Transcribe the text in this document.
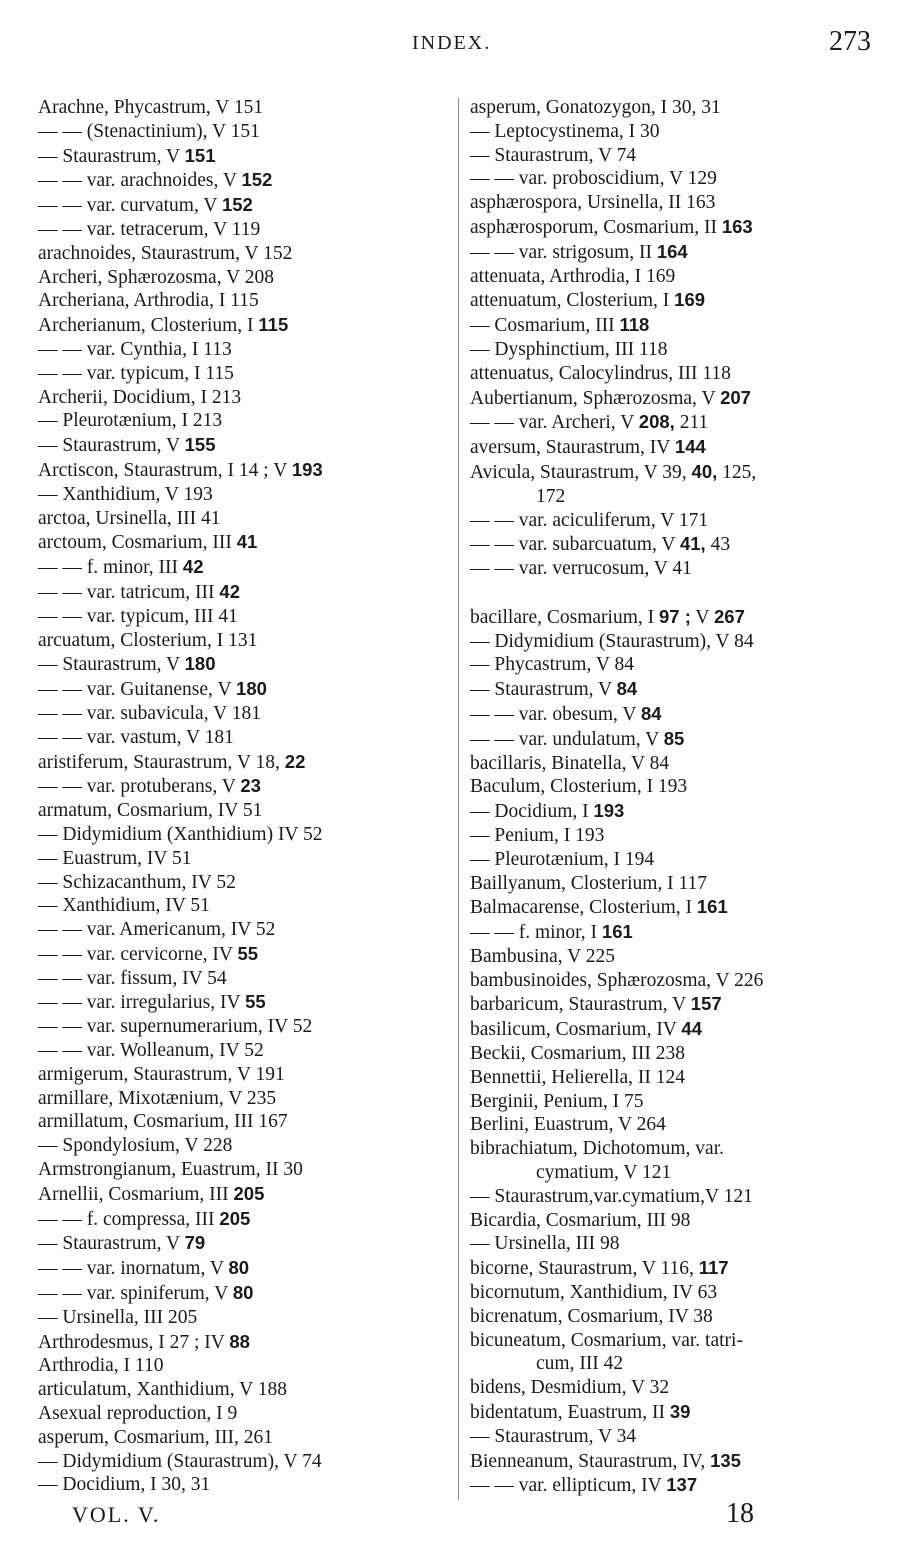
INDEX.	273
Arachne, Phycastrum, V 151
— — (Stenactinium), V 151
— Staurastrum, V 151
— — var. arachnoides, V 152
— — var. curvatum, V 152
— — var. tetracerum, V 119
arachnoides, Staurastrum, V 152
Archeri, Sphærozosma, V 208
Archeriana, Arthrodia, I 115
Archerianum, Closterium, I 115
— — var. Cynthia, I 113
— — var. typicum, I 115
Archerii, Docidium, I 213
— Pleurotænium, I 213
— Staurastrum, V 155
Arctiscon, Staurastrum, I 14 ; V 193
— Xanthidium, V 193
arctoa, Ursinella, III 41
arctoum, Cosmarium, III 41
— — f. minor, III 42
— — var. tatricum, III 42
— — var. typicum, III 41
arcuatum, Closterium, I 131
— Staurastrum, V 180
— — var. Guitanense, V 180
— — var. subavicula, V 181
— — var. vastum, V 181
aristiferum, Staurastrum, V 18, 22
— — var. protuberans, V 23
armatum, Cosmarium, IV 51
— Didymidium (Xanthidium) IV 52
— Euastrum, IV 51
— Schizacanthum, IV 52
— Xanthidium, IV 51
— — var. Americanum, IV 52
— — var. cervicorne, IV 55
— — var. fissum, IV 54
— — var. irregularius, IV 55
— — var. supernumerarium, IV 52
— — var. Wolleanum, IV 52
armigerum, Staurastrum, V 191
armillare, Mixotænium, V 235
armillatum, Cosmarium, III 167
— Spondylosium, V 228
Armstrongianum, Euastrum, II 30
Arnellii, Cosmarium, III 205
— — f. compressa, III 205
— Staurastrum, V 79
— — var. inornatum, V 80
— — var. spiniferum, V 80
— Ursinella, III 205
Arthrodesmus, I 27 ; IV 88
Arthrodia, I 110
articulatum, Xanthidium, V 188
Asexual reproduction, I 9
asperum, Cosmarium, III, 261
— Didymidium (Staurastrum), V 74
— Docidium, I 30, 31
asperum, Gonatozygon, I 30, 31
— Leptocystinema, I 30
— Staurastrum, V 74
— — var. proboscidium, V 129
asphærospora, Ursinella, II 163
asphærosporum, Cosmarium, II 163
— — var. strigosum, II 164
attenuata, Arthrodia, I 169
attenuatum, Closterium, I 169
— Cosmarium, III 118
— Dysphinctium, III 118
attenuatus, Calocylindrus, III 118
Aubertianum, Sphærozosma, V 207
— — var. Archeri, V 208, 211
aversum, Staurastrum, IV 144
Avicula, Staurastrum, V 39, 40, 125,
172
— — var. aciculiferum, V 171
— — var. subarcuatum, V 41, 43
— — var. verrucosum, V 41
bacillare, Cosmarium, I 97 ; V 267
— Didymidium (Staurastrum), V 84
— Phycastrum, V 84
— Staurastrum, V 84
— — var. obesum, V 84
— — var. undulatum, V 85
bacillaris, Binatella, V 84
Baculum, Closterium, I 193
— Docidium, I 193
— Penium, I 193
— Pleurotænium, I 194
Baillyanum, Closterium, I 117
Balmacarense, Closterium, I 161
— — f. minor, I 161
Bambusina, V 225
bambusinoides, Sphærozosma, V 226
barbaricum, Staurastrum, V 157
basilicum, Cosmarium, IV 44
Beckii, Cosmarium, III 238
Bennettii, Helierella, II 124
Berginii, Penium, I 75
Berlini, Euastrum, V 264
bibrachiatum, Dichotomum, var.
cymatium, V 121
— Staurastrum,var.cymatium,V 121
Bicardia, Cosmarium, III 98
— Ursinella, III 98
bicorne, Staurastrum, V 116, 117
bicornutum, Xanthidium, IV 63
bicrenatum, Cosmarium, IV 38
bicuneatum, Cosmarium, var. tatri-
cum, III 42
bidens, Desmidium, V 32
bidentatum, Euastrum, II 39
— Staurastrum, V 34
Bienneanum, Staurastrum, IV, 135
— — var. ellipticum, IV 137
VOL. V.	18
